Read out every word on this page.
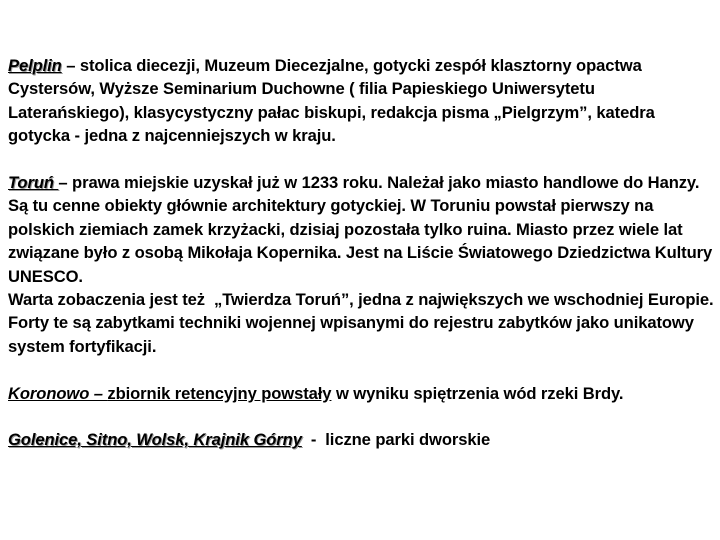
Pelplin – stolica diecezji, Muzeum Diecezjalne, gotycki zespół klasztorny opactwa Cystersów, Wyższe Seminarium Duchowne ( filia Papieskiego Uniwersytetu Laterańskiego), klasycystyczny pałac biskupi, redakcja pisma „Pielgrzym”, katedra gotycka - jedna z najcenniejszych w kraju.

Toruń – prawa miejskie uzyskał już w 1233 roku. Należał jako miasto handlowe do Hanzy. Są tu cenne obiekty głównie architektury gotyckiej. W Toruniu powstał pierwszy na polskich ziemiach zamek krzyżacki, dzisiaj pozostała tylko ruina. Miasto przez wiele lat związane było z osobą Mikołaja Kopernika. Jest na Liście Światowego Dziedzictwa Kultury UNESCO.

Warta zobaczenia jest też  „Twierdza Toruń”, jedna z największych we wschodniej Europie. Forty te są zabytkami techniki wojennej wpisanymi do rejestru zabytków jako unikatowy system fortyfikacji.

Koronowo – zbiornik retencyjny powstały w wyniku spiętrzenia wód rzeki Brdy.

Golenice, Sitno, Wolsk, Krajnik Górny  -  liczne parki dworskie
